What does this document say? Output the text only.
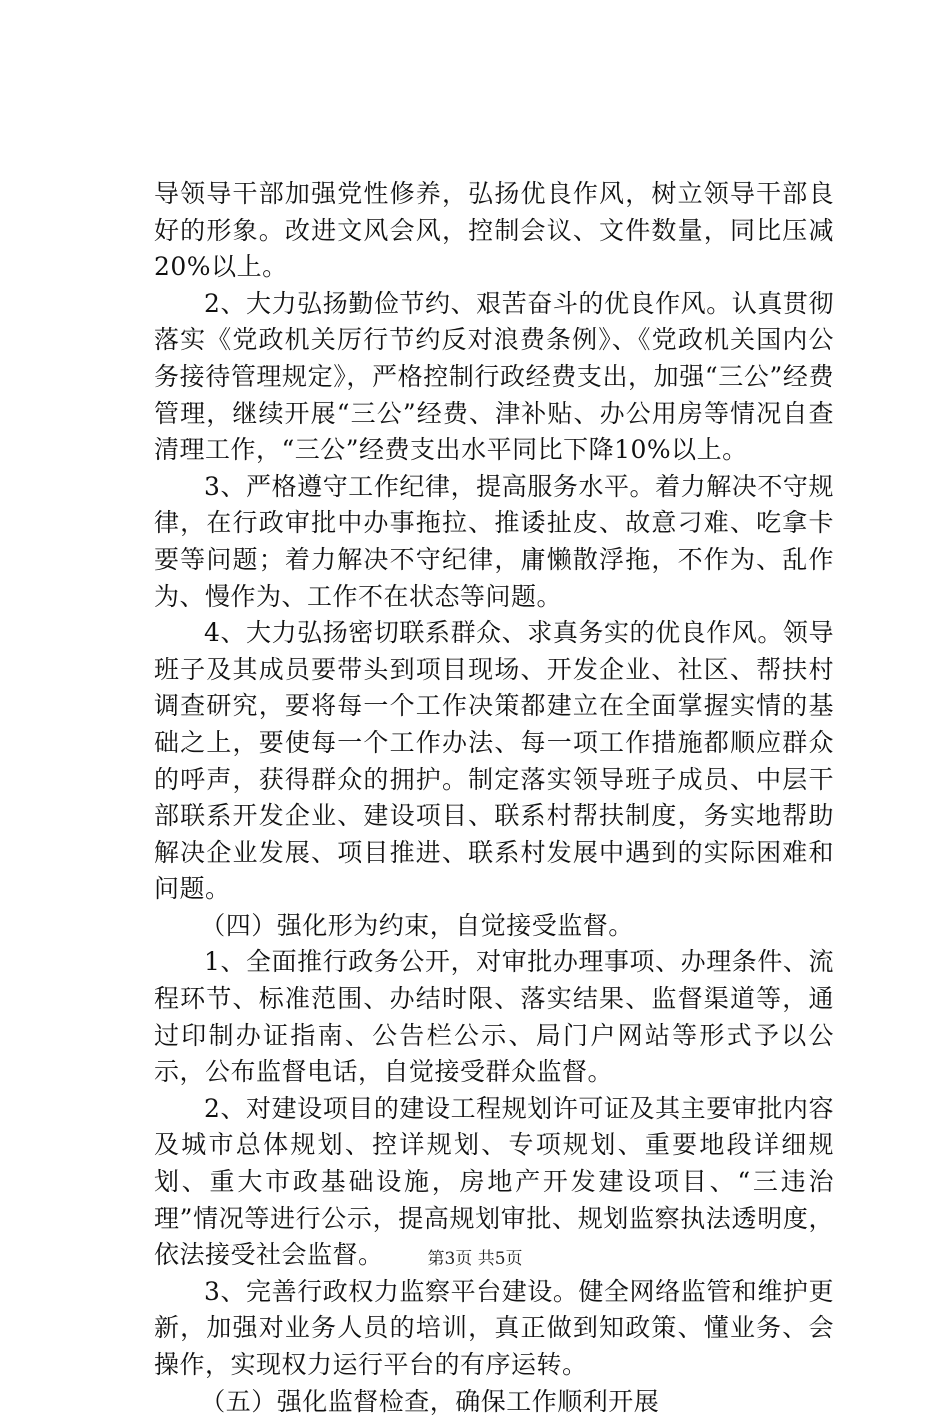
导领导干部加强党性修养，弘扬优良作风，树立领导干部良好的形象。改进文风会风，控制会议、文件数量，同比压减20%以上。

2、大力弘扬勤俭节约、艰苦奋斗的优良作风。认真贯彻落实《党政机关厉行节约反对浪费条例》、《党政机关国内公务接待管理规定》，严格控制行政经费支出，加强“三公”经费管理，继续开展“三公”经费、津补贴、办公用房等情况自查清理工作，“三公”经费支出水平同比下降10%以上。

3、严格遵守工作纪律，提高服务水平。着力解决不守规律，在行政审批中办事拖拉、推诿扯皮、故意刁难、吃拿卡要等问题；着力解决不守纪律，庸懒散浮拖，不作为、乱作为、慢作为、工作不在状态等问题。

4、大力弘扬密切联系群众、求真务实的优良作风。领导班子及其成员要带头到项目现场、开发企业、社区、帮扶村调查研究，要将每一个工作决策都建立在全面掌握实情的基础之上，要使每一个工作办法、每一项工作措施都顺应群众的呼声，获得群众的拥护。制定落实领导班子成员、中层干部联系开发企业、建设项目、联系村帮扶制度，务实地帮助解决企业发展、项目推进、联系村发展中遇到的实际困难和问题。

（四）强化形为约束，自觉接受监督。

1、全面推行政务公开，对审批办理事项、办理条件、流程环节、标准范围、办结时限、落实结果、监督渠道等，通过印制办证指南、公告栏公示、局门户网站等形式予以公示，公布监督电话，自觉接受群众监督。

2、对建设项目的建设工程规划许可证及其主要审批内容及城市总体规划、控详规划、专项规划、重要地段详细规划、重大市政基础设施，房地产开发建设项目、“三违治理”情况等进行公示，提高规划审批、规划监察执法透明度，依法接受社会监督。

3、完善行政权力监察平台建设。健全网络监管和维护更新，加强对业务人员的培训，真正做到知政策、懂业务、会操作，实现权力运行平台的有序运转。

（五）强化监督检查，确保工作顺利开展

第3页 共5页
